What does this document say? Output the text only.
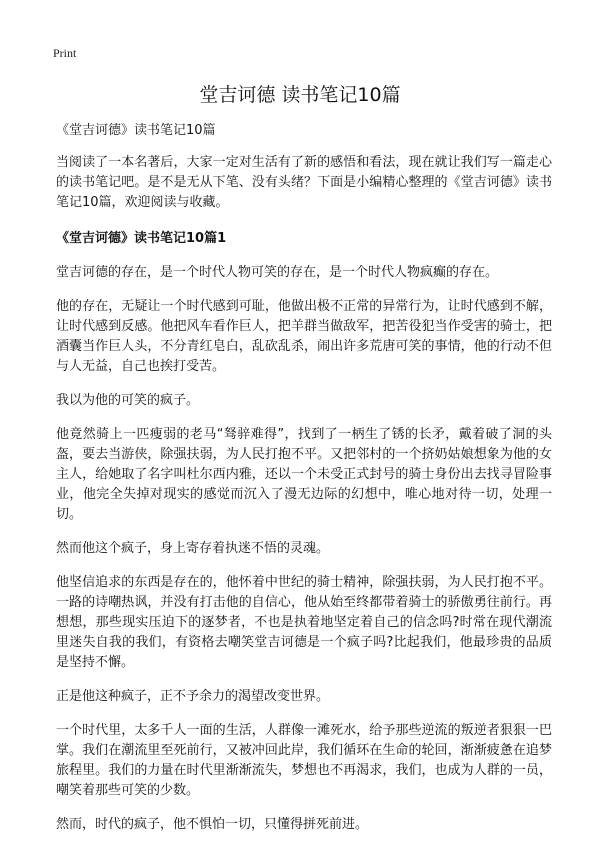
Print
堂吉诃德 读书笔记10篇

《堂吉诃德》读书笔记10篇

当阅读了一本名著后，大家一定对生活有了新的感悟和看法，现在就让我们写一篇走心的读书笔记吧。是不是无从下笔、没有头绪？下面是小编精心整理的《堂吉诃德》读书笔记10篇，欢迎阅读与收藏。

《堂吉诃德》读书笔记10篇1

堂吉诃德的存在，是一个时代人物可笑的存在，是一个时代人物疯癫的存在。

他的存在，无疑让一个时代感到可耻，他做出极不正常的异常行为，让时代感到不解，让时代感到反感。他把风车看作巨人，把羊群当做敌军，把苦役犯当作受害的骑士，把酒囊当作巨人头，不分青红皂白，乱砍乱杀，闹出许多荒唐可笑的事情，他的行动不但与人无益，自己也挨打受苦。

我以为他的可笑的疯子。

他竟然骑上一匹瘦弱的老马“驽骍难得”，找到了一柄生了锈的长矛，戴着破了洞的头盔，要去当游侠，除强扶弱，为人民打抱不平。又把邻村的一个挤奶姑娘想象为他的女主人，给她取了名字叫杜尔西内雅，还以一个未受正式封号的骑士身份出去找寻冒险事业，他完全失掉对现实的感觉而沉入了漫无边际的幻想中，唯心地对待一切，处理一切。

然而他这个疯子，身上寄存着执迷不悟的灵魂。

他坚信追求的东西是存在的，他怀着中世纪的骑士精神，除强扶弱，为人民打抱不平。一路的诗嘲热讽，并没有打击他的自信心，他从始至终都带着骑士的骄傲勇往前行。再想想，那些现实压迫下的逐梦者，不也是执着地坚定着自己的信念吗?时常在现代潮流里迷失自我的我们，有资格去嘲笑堂吉诃德是一个疯子吗?比起我们，他最珍贵的品质是坚持不懈。

正是他这种疯子，正不予余力的渴望改变世界。

一个时代里，太多千人一面的生活，人群像一滩死水，给予那些逆流的叛逆者狠狠一巴掌。我们在潮流里至死前行，又被冲回此岸，我们循环在生命的轮回，渐渐疲惫在追梦旅程里。我们的力量在时代里渐渐流失，梦想也不再渴求，我们，也成为人群的一员，嘲笑着那些可笑的少数。

然而，时代的疯子，他不惧怕一切，只懂得拼死前进。
